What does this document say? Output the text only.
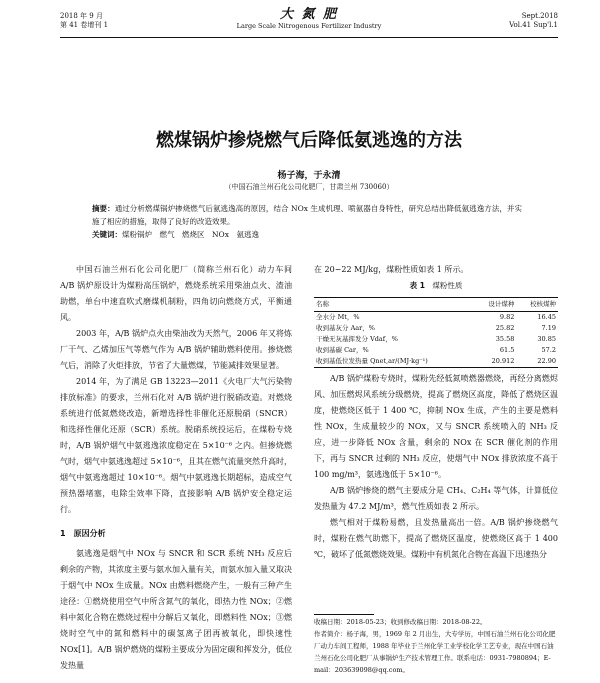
2018 年 9 月
第 41 卷增刊 1
大 氮 肥
Large Scale Nitrogenous Fertilizer Industry
Sept.2018
Vol.41 Sup'l.1
燃煤锅炉掺烧燃气后降低氨逃逸的方法
杨子海，于永清
（中国石油兰州石化公司化肥厂，甘肃兰州 730060）
摘要：通过分析燃煤锅炉掺烧燃气后氨逃逸高的原因，结合 NOx 生成机理、喷氨器自身特性，研究总结出降低氨逃逸方法，并实施了相应的措施，取得了良好的改造效果。
关键词：煤粉锅炉　燃气　燃烧区　NOx　氨逃逸

中国石油兰州石化公司化肥厂（简称兰州石化）动力车间 A/B 锅炉原设计为煤粉高压锅炉，燃烧系统采用柴油点火、渣油助燃，单台中速直吹式磨煤机制粉，四角切向燃烧方式，平衡通风。

2003 年，A/B 锅炉点火由柴油改为天然气，2006 年又将炼厂干气、乙烯加压气等燃气作为 A/B 锅炉辅助燃料使用。掺烧燃气后，消除了火炬排放，节省了大量燃煤，节能减排效果显著。

2014 年，为了满足 GB 13223—2011《火电厂大气污染物排放标准》的要求，兰州石化对 A/B 锅炉进行脱硝改造。对燃烧系统进行低氮燃烧改造，新增选择性非催化还原脱硝（SNCR）和选择性催化还原（SCR）系统。脱硝系统投运后，在煤粉专烧时，A/B 锅炉烟气中氨逃逸浓度稳定在 5×10⁻⁶ 之内。但掺烧燃气时，烟气中氨逃逸超过 5×10⁻⁶，且其在燃气流量突然升高时，烟气中氨逃逸超过 10×10⁻⁶。烟气中氨逃逸长期超标，造成空气预热器堵塞，电除尘效率下降，直接影响 A/B 锅炉安全稳定运行。

1　原因分析

氨逃逸是烟气中 NOx 与 SNCR 和 SCR 系统 NH₃ 反应后剩余的产物，其浓度主要与氨水加入量有关，而氨水加入量又取决于烟气中 NOx 生成量。NOx 由燃料燃烧产生，一般有三种产生途径：①燃烧使用空气中所含氮气的氧化，即热力性 NOx；②燃料中氮化合物在燃烧过程中分解后又氧化，即燃料性 NOx；③燃烧时空气中的氮和燃料中的碳氢离子团再被氧化，即快速性 NOx[1]。A/B 锅炉燃烧的煤粉主要成分为固定碳和挥发分，低位发热量

在 20~22 MJ/kg，煤粉性质如表 1 所示。

表 1　 煤粉性质
名称	设计煤种	校核煤种
全水分 Mt，%	9.82	16.45
收到基灰分 Aar，%	25.82	7.19
干燥无灰基挥发分 Vdaf，%	35.58	30.85
收到基碳 Car，%	61.5	57.2
收到基低位发热量 Qnet,ar/(MJ·kg⁻¹)	20.912	22.90

A/B 锅炉煤粉专烧时，煤粉先经低氮喷燃器燃烧，再经分离燃烬风、加压燃烬风系统分级燃烧，提高了燃烧区高度，降低了燃烧区温度，使燃烧区低于 1 400 ℃，抑制 NOx 生成，产生的主要是燃料性 NOx，生成量较少的 NOx，又与 SNCR 系统喷入的 NH₃ 反应，进一步降低 NOx 含量，剩余的 NOx 在 SCR 催化剂的作用下，再与 SNCR 过剩的 NH₃ 反应，使烟气中 NOx 排放浓度不高于 100 mg/m³，氨逃逸低于 5×10⁻⁶。

A/B 锅炉掺烧的燃气主要成分是 CH₄、C₂H₄ 等气体，计算低位发热量为 47.2 MJ/m³，燃气性质如表 2 所示。

燃气相对于煤粉易燃，且发热量高出一倍。A/B 锅炉掺烧燃气时，煤粉在燃气助燃下，提高了燃烧区温度，使燃烧区高于 1 400 ℃，破坏了低氮燃烧效果。煤粉中有机氮化合物在高温下迅速热分

收稿日期：2018-05-23；收到修改稿日期：2018-08-22。
作者简介：杨子海，男，1969 年 2 月出生，大专学历，中国石油兰州石化公司化肥厂动力车间工程师，1988 年毕业于兰州化学工业学校化学工艺专业，现在中国石油兰州石化公司化肥厂从事锅炉生产技术管理工作。联系电话：0931-7980894；E-mail：203639098@qq.com。
